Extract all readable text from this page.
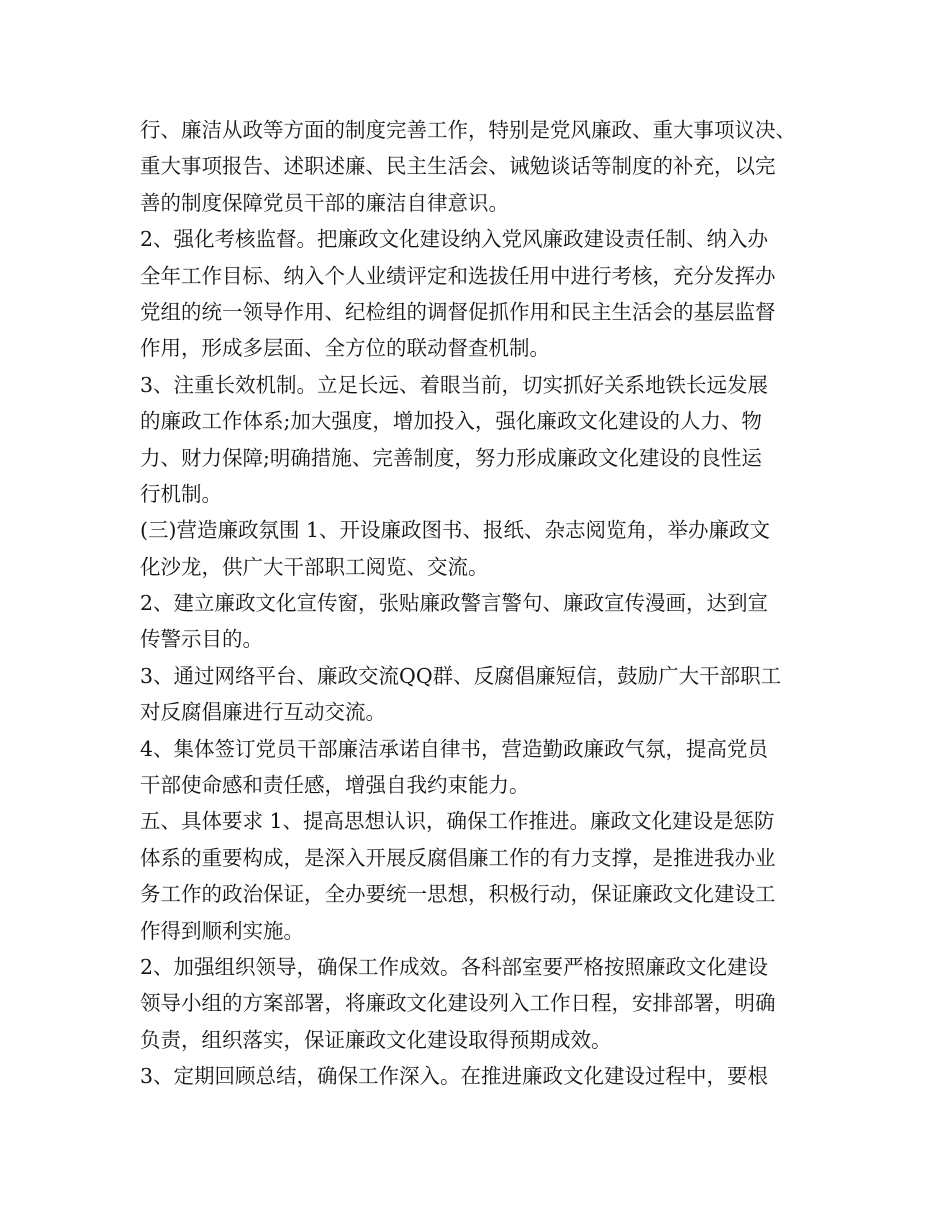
行、廉洁从政等方面的制度完善工作，特别是党风廉政、重大事项议决、
重大事项报告、述职述廉、民主生活会、诫勉谈话等制度的补充，以完
善的制度保障党员干部的廉洁自律意识。
2、强化考核监督。把廉政文化建设纳入党风廉政建设责任制、纳入办
全年工作目标、纳入个人业绩评定和选拔任用中进行考核，充分发挥办
党组的统一领导作用、纪检组的调督促抓作用和民主生活会的基层监督
作用，形成多层面、全方位的联动督查机制。
3、注重长效机制。立足长远、着眼当前，切实抓好关系地铁长远发展
的廉政工作体系;加大强度，增加投入，强化廉政文化建设的人力、物
力、财力保障;明确措施、完善制度，努力形成廉政文化建设的良性运
行机制。
(三)营造廉政氛围 1、开设廉政图书、报纸、杂志阅览角，举办廉政文
化沙龙，供广大干部职工阅览、交流。
2、建立廉政文化宣传窗，张贴廉政警言警句、廉政宣传漫画，达到宣
传警示目的。
3、通过网络平台、廉政交流QQ群、反腐倡廉短信，鼓励广大干部职工
对反腐倡廉进行互动交流。
4、集体签订党员干部廉洁承诺自律书，营造勤政廉政气氛，提高党员
干部使命感和责任感，增强自我约束能力。
五、具体要求 1、提高思想认识，确保工作推进。廉政文化建设是惩防
体系的重要构成，是深入开展反腐倡廉工作的有力支撑，是推进我办业
务工作的政治保证，全办要统一思想，积极行动，保证廉政文化建设工
作得到顺利实施。
2、加强组织领导，确保工作成效。各科部室要严格按照廉政文化建设
领导小组的方案部署，将廉政文化建设列入工作日程，安排部署，明确
负责，组织落实，保证廉政文化建设取得预期成效。
3、定期回顾总结，确保工作深入。在推进廉政文化建设过程中，要根
